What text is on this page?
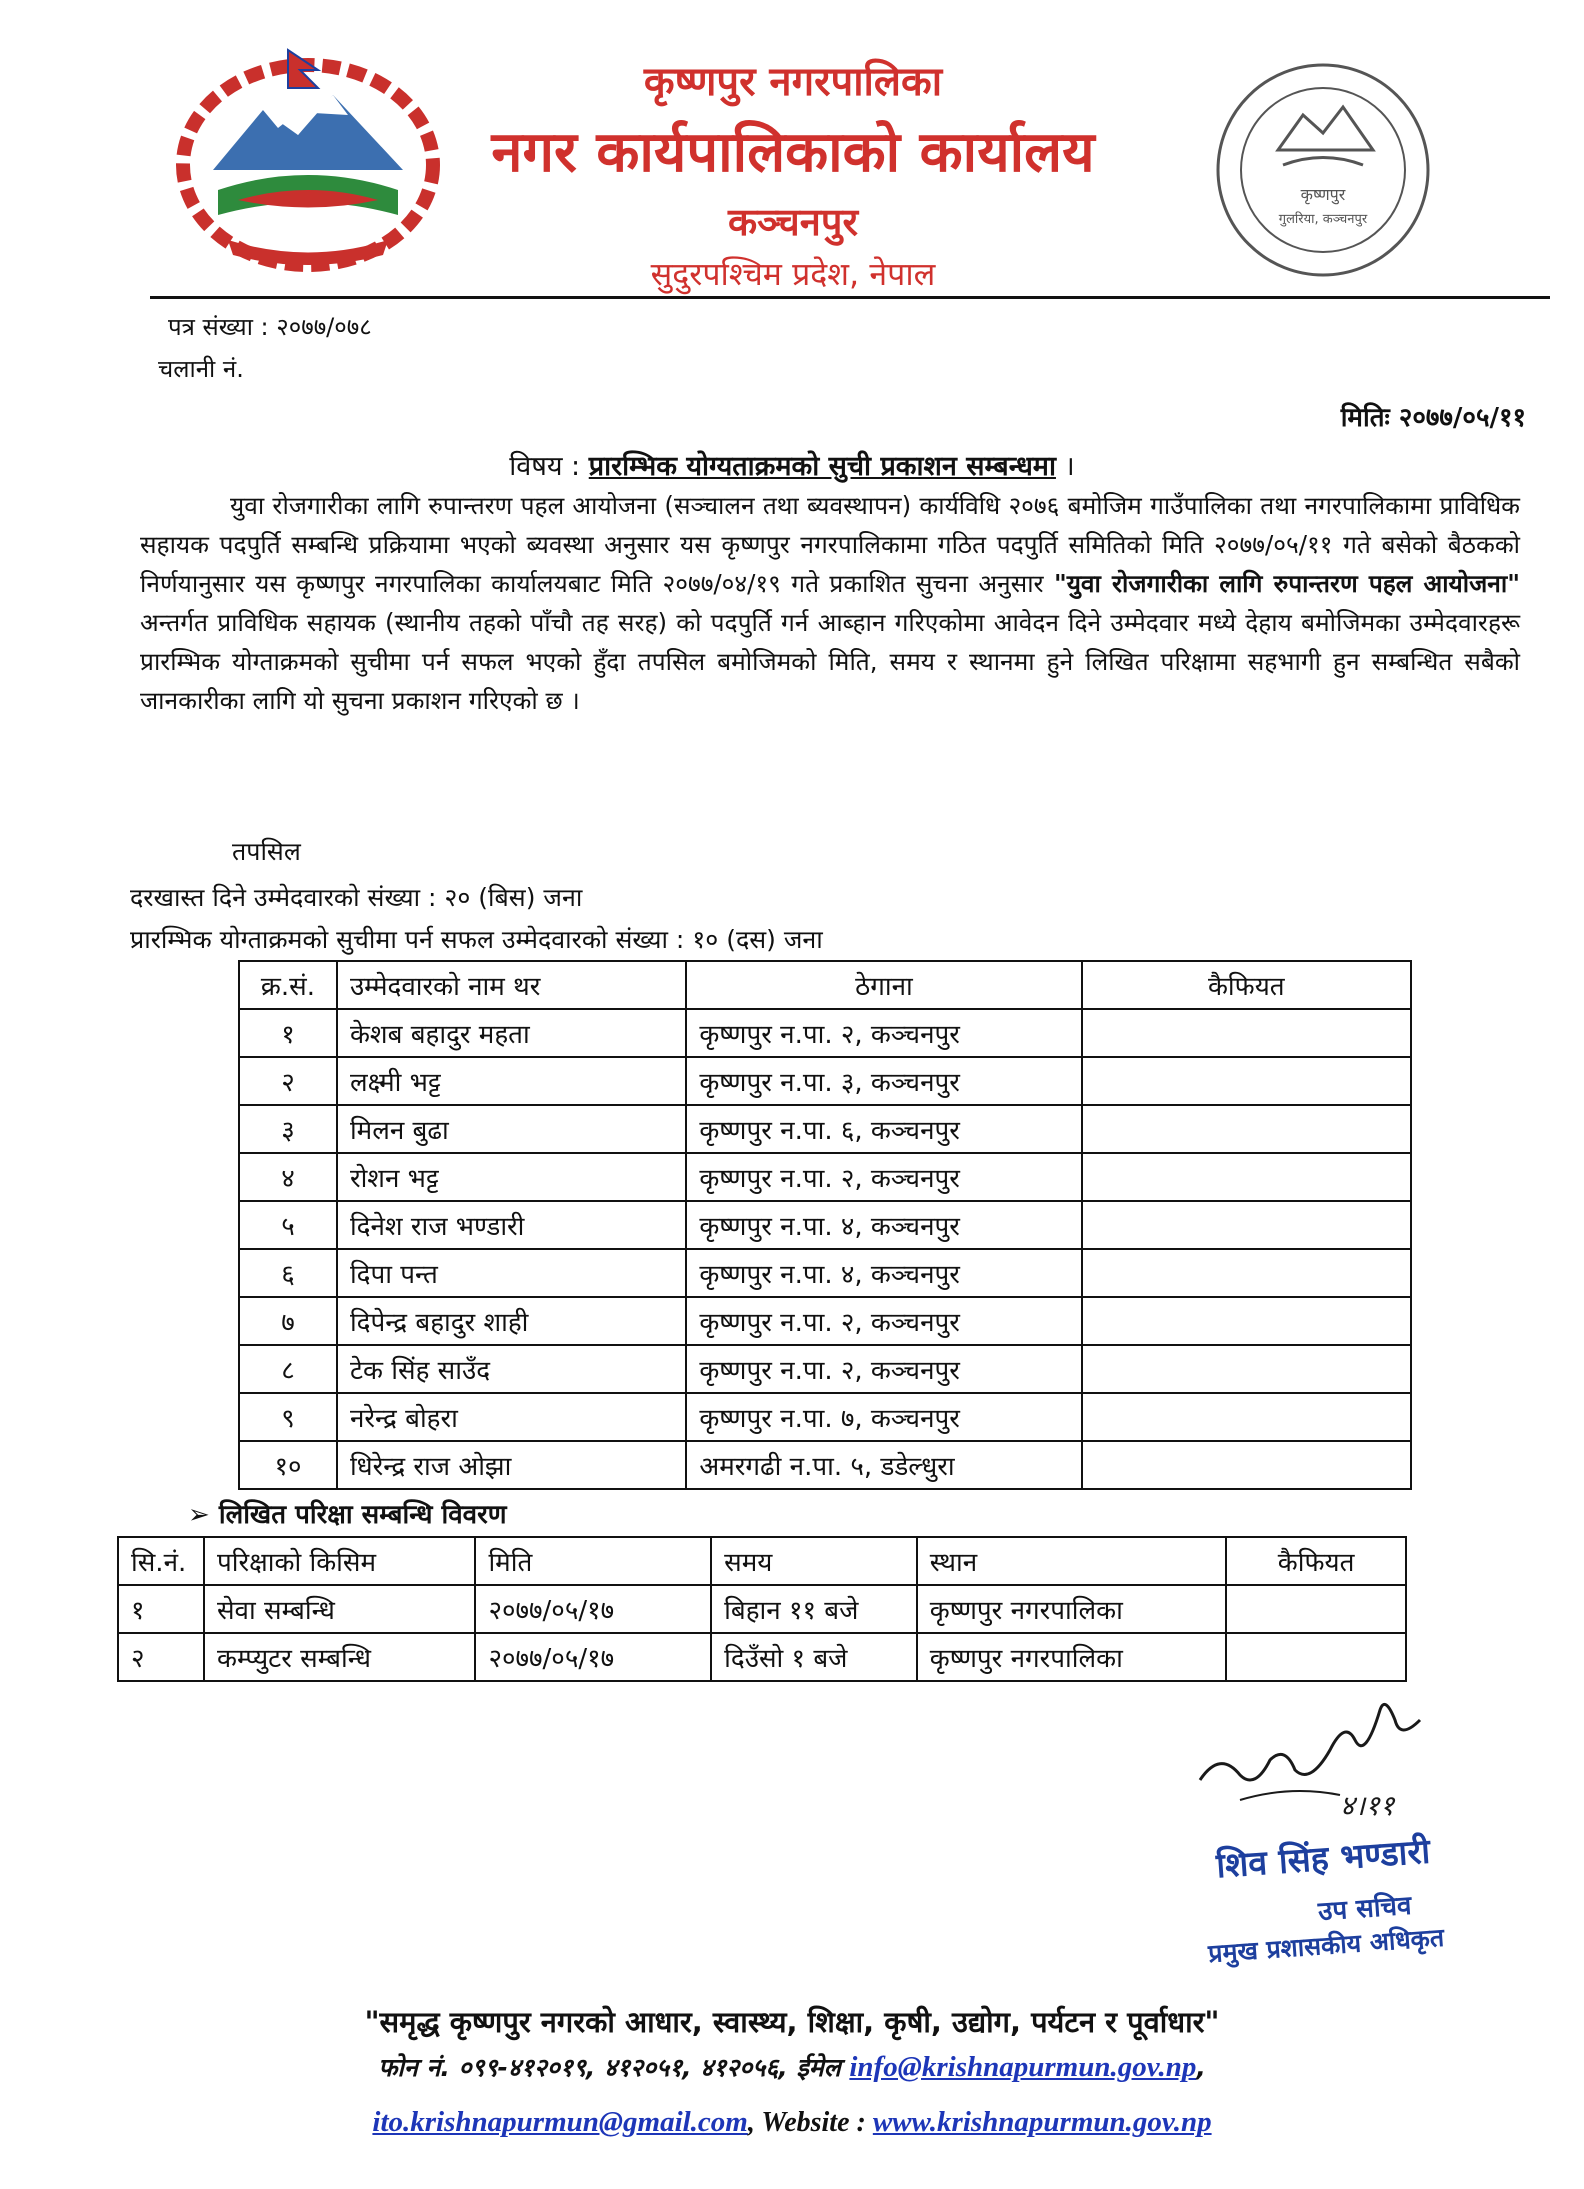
कृष्णपुर नगरपालिका
नगर कार्यपालिकाको कार्यालय
कञ्चनपुर
सुदुरपश्चिम प्रदेश, नेपाल
कृष्णपुर
गुलरिया, कञ्चनपुर
पत्र संख्या : २०७७/०७८
चलानी नं.
मितिः २०७७/०५/११
विषय : प्रारम्भिक योग्यताक्रमको सुची प्रकाशन सम्बन्धमा ।
युवा रोजगारीका लागि रुपान्तरण पहल आयोजना (सञ्चालन तथा ब्यवस्थापन) कार्यविधि २०७६ बमोजिम गाउँपालिका तथा नगरपालिकामा प्राविधिक सहायक पदपुर्ति सम्बन्धि प्रक्रियामा भएको ब्यवस्था अनुसार यस कृष्णपुर नगरपालिकामा गठित पदपुर्ति समितिको मिति २०७७/०५/११ गते बसेको बैठकको निर्णयानुसार यस कृष्णपुर नगरपालिका कार्यालयबाट मिति २०७७/०४/१९ गते प्रकाशित सुचना अनुसार "युवा रोजगारीका लागि रुपान्तरण पहल आयोजना" अन्तर्गत प्राविधिक सहायक (स्थानीय तहको पाँचौ तह सरह) को पदपुर्ति गर्न आब्हान गरिएकोमा आवेदन दिने उम्मेदवार मध्ये देहाय बमोजिमका उम्मेदवारहरू प्रारम्भिक योग्ताक्रमको सुचीमा पर्न सफल भएको हुँदा तपसिल बमोजिमको मिति, समय र स्थानमा हुने लिखित परिक्षामा सहभागी हुन सम्बन्धित सबैको जानकारीका लागि यो सुचना प्रकाशन गरिएको छ ।
तपसिल
दरखास्त दिने उम्मेदवारको संख्या : २० (बिस) जना
प्रारम्भिक योग्ताक्रमको सुचीमा पर्न सफल उम्मेदवारको संख्या : १० (दस) जना
क्र.सं.	उम्मेदवारको नाम थर	ठेगाना	कैफियत
१	केशब बहादुर महता	कृष्णपुर न.पा. २, कञ्चनपुर	
२	लक्ष्मी भट्ट	कृष्णपुर न.पा. ३, कञ्चनपुर	
३	मिलन बुढा	कृष्णपुर न.पा. ६, कञ्चनपुर	
४	रोशन भट्ट	कृष्णपुर न.पा. २, कञ्चनपुर	
५	दिनेश राज भण्डारी	कृष्णपुर न.पा. ४, कञ्चनपुर	
६	दिपा पन्त	कृष्णपुर न.पा. ४, कञ्चनपुर	
७	दिपेन्द्र बहादुर शाही	कृष्णपुर न.पा. २, कञ्चनपुर	
८	टेक सिंह साउँद	कृष्णपुर न.पा. २, कञ्चनपुर	
९	नरेन्द्र बोहरा	कृष्णपुर न.पा. ७, कञ्चनपुर	
१०	धिरेन्द्र राज ओझा	अमरगढी न.पा. ५, डडेल्धुरा	
➢ लिखित परिक्षा सम्बन्धि विवरण
सि.नं.	परिक्षाको किसिम	मिति	समय	स्थान	कैफियत
१	सेवा सम्बन्धि	२०७७/०५/१७	बिहान ११ बजे	कृष्णपुर नगरपालिका	
२	कम्प्युटर सम्बन्धि	२०७७/०५/१७	दिउँसो १ बजे	कृष्णपुर नगरपालिका	
४।११
शिव सिंह भण्डारी
उप सचिव
प्रमुख प्रशासकीय अधिकृत
"समृद्ध कृष्णपुर नगरको आधार, स्वास्थ्य, शिक्षा, कृषी, उद्योग, पर्यटन र पूर्वाधार"
फोन नं. ०९९-४१२०१९, ४१२०५१, ४१२०५६, ईमेल info@krishnapurmun.gov.np,
ito.krishnapurmun@gmail.com, Website : www.krishnapurmun.gov.np
